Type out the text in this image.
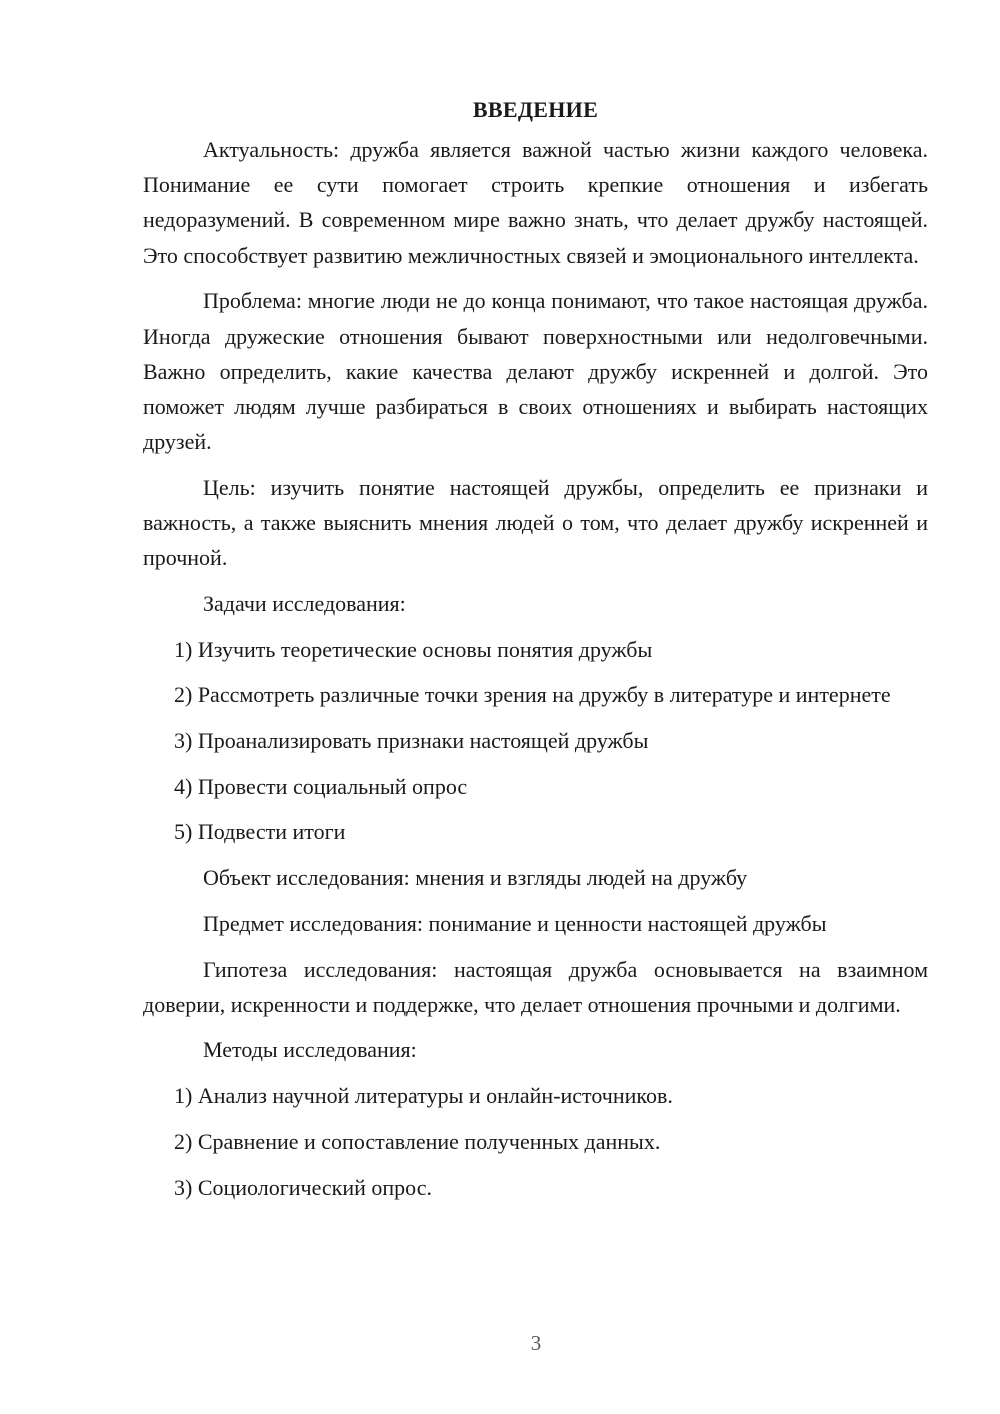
ВВЕДЕНИЕ

Актуальность: дружба является важной частью жизни каждого человека. Понимание ее сути помогает строить крепкие отношения и избегать недоразумений. В современном мире важно знать, что делает дружбу настоящей. Это способствует развитию межличностных связей и эмоционального интеллекта.

Проблема: многие люди не до конца понимают, что такое настоящая дружба. Иногда дружеские отношения бывают поверхностными или недолговечными. Важно определить, какие качества делают дружбу искренней и долгой. Это поможет людям лучше разбираться в своих отношениях и выбирать настоящих друзей.

Цель: изучить понятие настоящей дружбы, определить ее признаки и важность, а также выяснить мнения людей о том, что делает дружбу искренней и прочной.

Задачи исследования:

1) Изучить теоретические основы понятия дружбы

2) Рассмотреть различные точки зрения на дружбу в литературе и интернете

3) Проанализировать признаки настоящей дружбы

4) Провести социальный опрос

5) Подвести итоги

Объект исследования: мнения и взгляды людей на дружбу

Предмет исследования: понимание и ценности настоящей дружбы

Гипотеза исследования: настоящая дружба основывается на взаимном доверии, искренности и поддержке, что делает отношения прочными и долгими.

Методы исследования:

1) Анализ научной литературы и онлайн-источников.

2) Сравнение и сопоставление полученных данных.

3) Социологический опрос.

3
